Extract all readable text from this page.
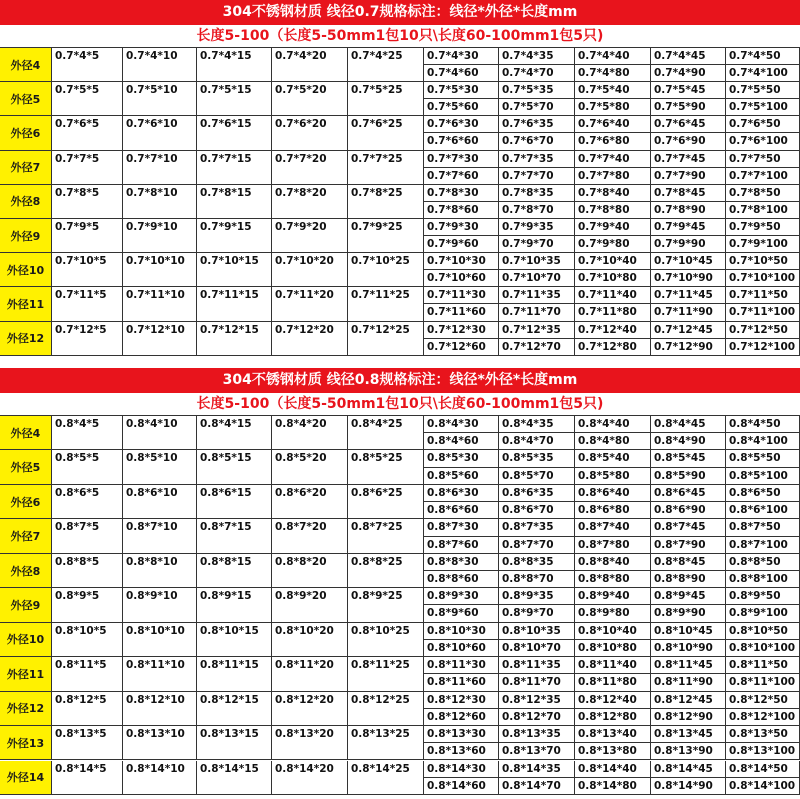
304不锈钢材质 线径0.7规格标注：线径*外径*长度mm
长度5-100（长度5-50mm1包10只\长度60-100mm1包5只)
外径4
0.7*4*5	0.7*4*10	0.7*4*15	0.7*4*20	0.7*4*25	0.7*4*30	0.7*4*35	0.7*4*40	0.7*4*45	0.7*4*50
0.7*4*60	0.7*4*70	0.7*4*80	0.7*4*90	0.7*4*100
外径5
0.7*5*5	0.7*5*10	0.7*5*15	0.7*5*20	0.7*5*25	0.7*5*30	0.7*5*35	0.7*5*40	0.7*5*45	0.7*5*50
0.7*5*60	0.7*5*70	0.7*5*80	0.7*5*90	0.7*5*100
外径6
0.7*6*5	0.7*6*10	0.7*6*15	0.7*6*20	0.7*6*25	0.7*6*30	0.7*6*35	0.7*6*40	0.7*6*45	0.7*6*50
0.7*6*60	0.7*6*70	0.7*6*80	0.7*6*90	0.7*6*100
外径7
0.7*7*5	0.7*7*10	0.7*7*15	0.7*7*20	0.7*7*25	0.7*7*30	0.7*7*35	0.7*7*40	0.7*7*45	0.7*7*50
0.7*7*60	0.7*7*70	0.7*7*80	0.7*7*90	0.7*7*100
外径8
0.7*8*5	0.7*8*10	0.7*8*15	0.7*8*20	0.7*8*25	0.7*8*30	0.7*8*35	0.7*8*40	0.7*8*45	0.7*8*50
0.7*8*60	0.7*8*70	0.7*8*80	0.7*8*90	0.7*8*100
外径9
0.7*9*5	0.7*9*10	0.7*9*15	0.7*9*20	0.7*9*25	0.7*9*30	0.7*9*35	0.7*9*40	0.7*9*45	0.7*9*50
0.7*9*60	0.7*9*70	0.7*9*80	0.7*9*90	0.7*9*100
外径10
0.7*10*5	0.7*10*10	0.7*10*15	0.7*10*20	0.7*10*25	0.7*10*30	0.7*10*35	0.7*10*40	0.7*10*45	0.7*10*50
0.7*10*60	0.7*10*70	0.7*10*80	0.7*10*90	0.7*10*100
外径11
0.7*11*5	0.7*11*10	0.7*11*15	0.7*11*20	0.7*11*25	0.7*11*30	0.7*11*35	0.7*11*40	0.7*11*45	0.7*11*50
0.7*11*60	0.7*11*70	0.7*11*80	0.7*11*90	0.7*11*100
外径12
0.7*12*5	0.7*12*10	0.7*12*15	0.7*12*20	0.7*12*25	0.7*12*30	0.7*12*35	0.7*12*40	0.7*12*45	0.7*12*50
0.7*12*60	0.7*12*70	0.7*12*80	0.7*12*90	0.7*12*100
304不锈钢材质 线径0.8规格标注：线径*外径*长度mm
长度5-100（长度5-50mm1包10只\长度60-100mm1包5只)
外径4
0.8*4*5	0.8*4*10	0.8*4*15	0.8*4*20	0.8*4*25	0.8*4*30	0.8*4*35	0.8*4*40	0.8*4*45	0.8*4*50
0.8*4*60	0.8*4*70	0.8*4*80	0.8*4*90	0.8*4*100
外径5
0.8*5*5	0.8*5*10	0.8*5*15	0.8*5*20	0.8*5*25	0.8*5*30	0.8*5*35	0.8*5*40	0.8*5*45	0.8*5*50
0.8*5*60	0.8*5*70	0.8*5*80	0.8*5*90	0.8*5*100
外径6
0.8*6*5	0.8*6*10	0.8*6*15	0.8*6*20	0.8*6*25	0.8*6*30	0.8*6*35	0.8*6*40	0.8*6*45	0.8*6*50
0.8*6*60	0.8*6*70	0.8*6*80	0.8*6*90	0.8*6*100
外径7
0.8*7*5	0.8*7*10	0.8*7*15	0.8*7*20	0.8*7*25	0.8*7*30	0.8*7*35	0.8*7*40	0.8*7*45	0.8*7*50
0.8*7*60	0.8*7*70	0.8*7*80	0.8*7*90	0.8*7*100
外径8
0.8*8*5	0.8*8*10	0.8*8*15	0.8*8*20	0.8*8*25	0.8*8*30	0.8*8*35	0.8*8*40	0.8*8*45	0.8*8*50
0.8*8*60	0.8*8*70	0.8*8*80	0.8*8*90	0.8*8*100
外径9
0.8*9*5	0.8*9*10	0.8*9*15	0.8*9*20	0.8*9*25	0.8*9*30	0.8*9*35	0.8*9*40	0.8*9*45	0.8*9*50
0.8*9*60	0.8*9*70	0.8*9*80	0.8*9*90	0.8*9*100
外径10
0.8*10*5	0.8*10*10	0.8*10*15	0.8*10*20	0.8*10*25	0.8*10*30	0.8*10*35	0.8*10*40	0.8*10*45	0.8*10*50
0.8*10*60	0.8*10*70	0.8*10*80	0.8*10*90	0.8*10*100
外径11
0.8*11*5	0.8*11*10	0.8*11*15	0.8*11*20	0.8*11*25	0.8*11*30	0.8*11*35	0.8*11*40	0.8*11*45	0.8*11*50
0.8*11*60	0.8*11*70	0.8*11*80	0.8*11*90	0.8*11*100
外径12
0.8*12*5	0.8*12*10	0.8*12*15	0.8*12*20	0.8*12*25	0.8*12*30	0.8*12*35	0.8*12*40	0.8*12*45	0.8*12*50
0.8*12*60	0.8*12*70	0.8*12*80	0.8*12*90	0.8*12*100
外径13
0.8*13*5	0.8*13*10	0.8*13*15	0.8*13*20	0.8*13*25	0.8*13*30	0.8*13*35	0.8*13*40	0.8*13*45	0.8*13*50
0.8*13*60	0.8*13*70	0.8*13*80	0.8*13*90	0.8*13*100
外径14
0.8*14*5	0.8*14*10	0.8*14*15	0.8*14*20	0.8*14*25	0.8*14*30	0.8*14*35	0.8*14*40	0.8*14*45	0.8*14*50
0.8*14*60	0.8*14*70	0.8*14*80	0.8*14*90	0.8*14*100
